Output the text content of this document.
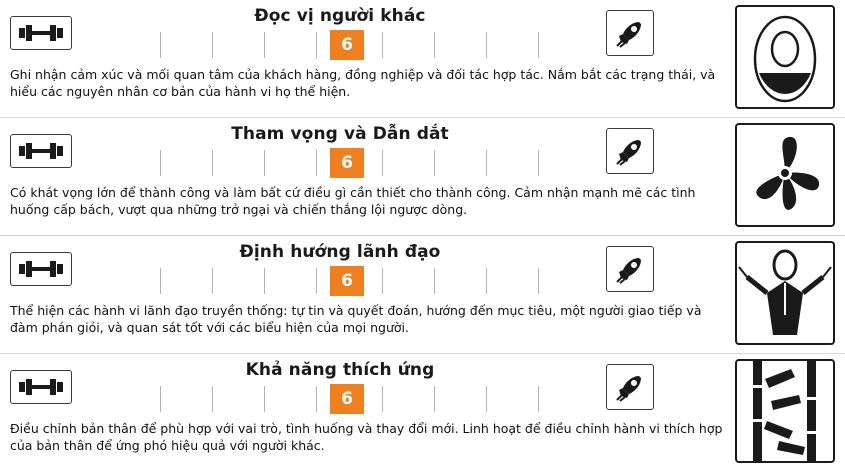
Đọc vị người khác
6
Ghi nhận cảm xúc và mối quan tâm của khách hàng, đồng nghiệp và đối tác hợp tác. Nắm bắt các trạng thái, và hiểu các nguyên nhân cơ bản của hành vi họ thể hiện.
Tham vọng và Dẫn dắt
6
Có khát vọng lớn để thành công và làm bất cứ điều gì cần thiết cho thành công. Cảm nhận mạnh mẽ các tình huống cấp bách, vượt qua những trở ngại và chiến thắng lội ngược dòng.
Định hướng lãnh đạo
6
Thể hiện các hành vi lãnh đạo truyền thống: tự tin và quyết đoán, hướng đến mục tiêu, một người giao tiếp và đàm phán giỏi, và quan sát tốt với các biểu hiện của mọi người.
Khả năng thích ứng
6
Điều chỉnh bản thân để phù hợp với vai trò, tình huống và thay đổi mới. Linh hoạt để điều chỉnh hành vi thích hợp của bản thân để ứng phó hiệu quả với người khác.
